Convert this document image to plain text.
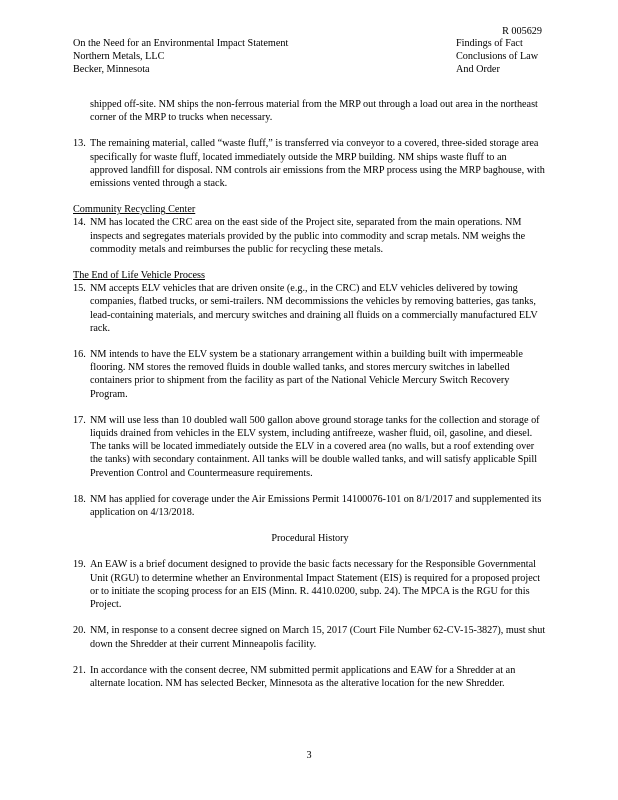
R 005629
On the Need for an Environmental Impact Statement
Northern Metals, LLC
Becker, Minnesota
Findings of Fact
Conclusions of Law
And Order
shipped off-site. NM ships the non-ferrous material from the MRP out through a load out area in the northeast corner of the MRP to trucks when necessary.
13. The remaining material, called “waste fluff,” is transferred via conveyor to a covered, three-sided storage area specifically for waste fluff, located immediately outside the MRP building. NM ships waste fluff to an approved landfill for disposal. NM controls air emissions from the MRP process using the MRP baghouse, with emissions vented through a stack.
Community Recycling Center
14. NM has located the CRC area on the east side of the Project site, separated from the main operations. NM inspects and segregates materials provided by the public into commodity and scrap metals. NM weighs the commodity metals and reimburses the public for recycling these metals.
The End of Life Vehicle Process
15. NM accepts ELV vehicles that are driven onsite (e.g., in the CRC) and ELV vehicles delivered by towing companies, flatbed trucks, or semi-trailers. NM decommissions the vehicles by removing batteries, gas tanks, lead-containing materials, and mercury switches and draining all fluids on a commercially manufactured ELV rack.
16. NM intends to have the ELV system be a stationary arrangement within a building built with impermeable flooring. NM stores the removed fluids in double walled tanks, and stores mercury switches in labelled containers prior to shipment from the facility as part of the National Vehicle Mercury Switch Recovery Program.
17. NM will use less than 10 doubled wall 500 gallon above ground storage tanks for the collection and storage of liquids drained from vehicles in the ELV system, including antifreeze, washer fluid, oil, gasoline, and diesel. The tanks will be located immediately outside the ELV in a covered area (no walls, but a roof extending over the tanks) with secondary containment. All tanks will be double walled tanks, and will satisfy applicable Spill Prevention Control and Countermeasure requirements.
18. NM has applied for coverage under the Air Emissions Permit 14100076-101 on 8/1/2017 and supplemented its application on 4/13/2018.
Procedural History
19. An EAW is a brief document designed to provide the basic facts necessary for the Responsible Governmental Unit (RGU) to determine whether an Environmental Impact Statement (EIS) is required for a proposed project or to initiate the scoping process for an EIS (Minn. R. 4410.0200, subp. 24). The MPCA is the RGU for this Project.
20. NM, in response to a consent decree signed on March 15, 2017 (Court File Number 62-CV-15-3827), must shut down the Shredder at their current Minneapolis facility.
21. In accordance with the consent decree, NM submitted permit applications and EAW for a Shredder at an alternate location. NM has selected Becker, Minnesota as the alterative location for the new Shredder.
3
